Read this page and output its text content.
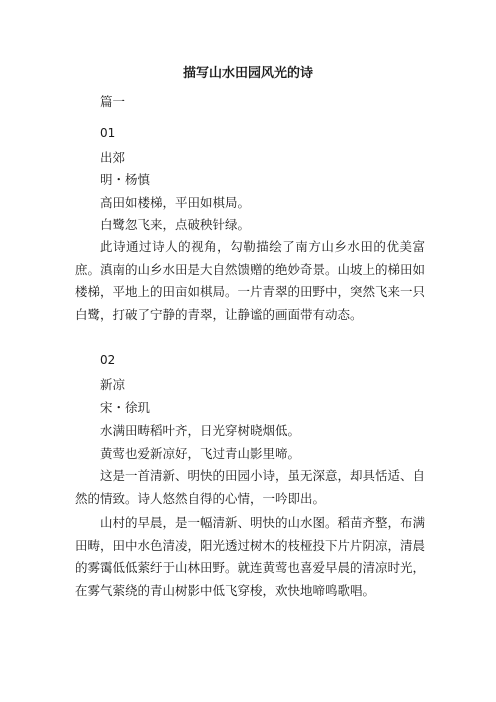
描写山水田园风光的诗
篇一
01
出郊
明・杨慎
高田如楼梯，平田如棋局。
白鹭忽飞来，点破秧针绿。
此诗通过诗人的视角，勾勒描绘了南方山乡水田的优美富庶。滇南的山乡水田是大自然馈赠的绝妙奇景。山坡上的梯田如楼梯，平地上的田亩如棋局。一片青翠的田野中，突然飞来一只白鹭，打破了宁静的青翠，让静谧的画面带有动态。
02
新凉
宋・徐玑
水满田畴稻叶齐，日光穿树晓烟低。
黄莺也爱新凉好，飞过青山影里啼。
这是一首清新、明快的田园小诗，虽无深意，却具恬适、自然的情致。诗人悠然自得的心情，一吟即出。
山村的早晨，是一幅清新、明快的山水图。稻苗齐整，布满田畴，田中水色清凌，阳光透过树木的枝桠投下片片阴凉，清晨的雾霭低低萦纡于山林田野。就连黄莺也喜爱早晨的清凉时光，在雾气萦绕的青山树影中低飞穿梭，欢快地啼鸣歌唱。
